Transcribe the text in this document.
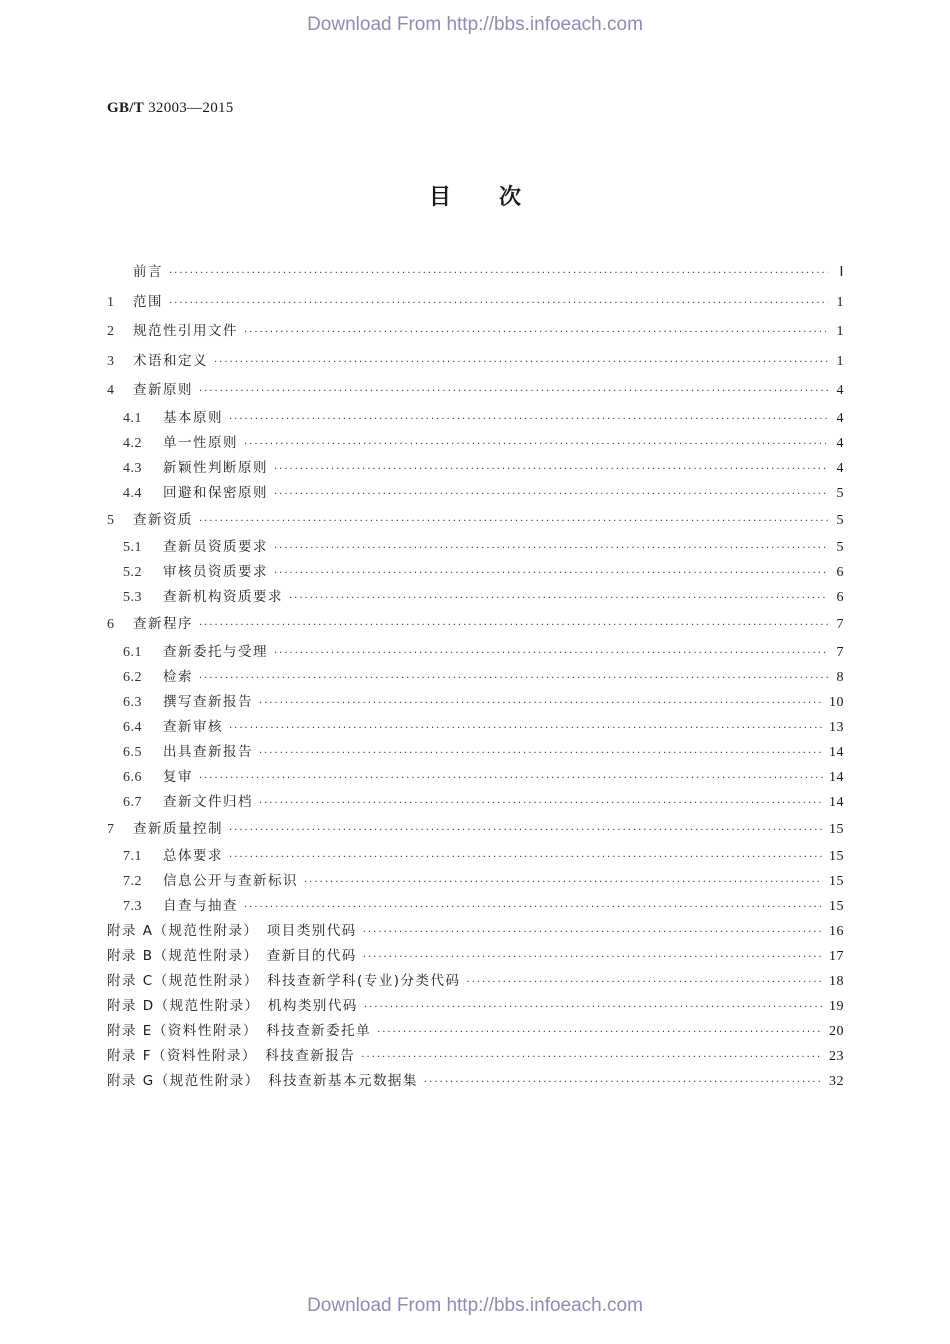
Download From http://bbs.infoeach.com
GB/T 32003—2015
目次
前言 ·····	Ⅰ
1	范围 ·····	1
2	规范性引用文件 ·····	1
3	术语和定义 ·····	1
4	查新原则 ·····	4
4.1	基本原则 ·····	4
4.2	单一性原则 ·····	4
4.3	新颖性判断原则 ·····	4
4.4	回避和保密原则 ·····	5
5	查新资质 ·····	5
5.1	查新员资质要求 ·····	5
5.2	审核员资质要求 ·····	6
5.3	查新机构资质要求 ·····	6
6	查新程序 ·····	7
6.1	查新委托与受理 ·····	7
6.2	检索 ·····	8
6.3	撰写查新报告 ·····	10
6.4	查新审核 ·····	13
6.5	出具查新报告 ·····	14
6.6	复审 ·····	14
6.7	查新文件归档 ·····	14
7	查新质量控制 ·····	15
7.1	总体要求 ·····	15
7.2	信息公开与查新标识 ·····	15
7.3	自查与抽查 ·····	15
附录 A（规范性附录）　项目类别代码 ·····	16
附录 B（规范性附录）　查新目的代码 ·····	17
附录 C（规范性附录）　科技查新学科(专业)分类代码 ·····	18
附录 D（规范性附录）　机构类别代码 ·····	19
附录 E（资料性附录）　科技查新委托单 ·····	20
附录 F（资料性附录）　科技查新报告 ·····	23
附录 G（规范性附录）　科技查新基本元数据集 ·····	32
Download From http://bbs.infoeach.com
